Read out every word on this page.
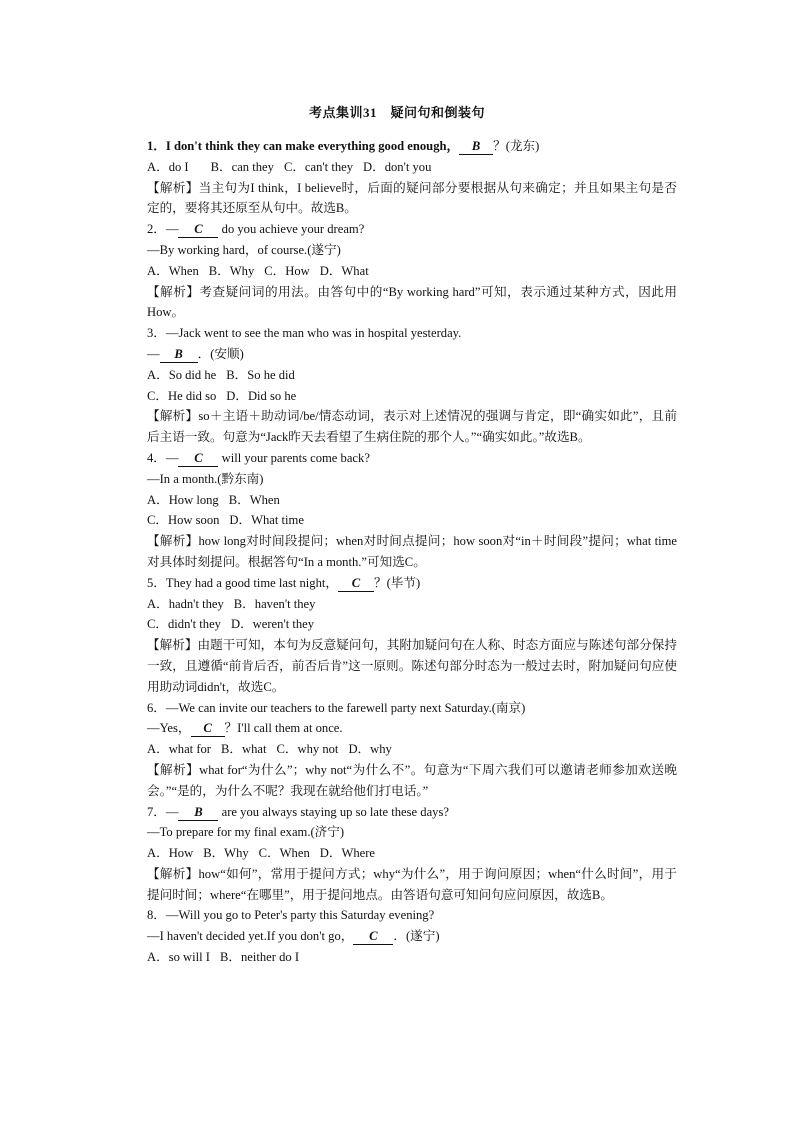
考点集训31　疑问句和倒装句
1．I don't think they can make everything good enough， B ？(龙东)
A．do I B．can they C．can't they D．don't you
【解析】当主句为I think，I believe时，后面的疑问部分要根据从句来确定；并且如果主句是否定的，要将其还原至从句中。故选B。
2．— C do you achieve your dream?
—By working hard，of course.(遂宁)
A．When B．Why C．How D．What
【解析】考查疑问词的用法。由答句中的“By working hard”可知，表示通过某种方式，因此用How。
3．—Jack went to see the man who was in hospital yesterday.
— B ．(安顺)
A．So did he B．So he did
C．He did so D．Did so he
【解析】so＋主语＋助动词/be/情态动词，表示对上述情况的强调与肯定，即“确实如此”，且前后主语一致。句意为“Jack昨天去看望了生病住院的那个人。”“确实如此。”故选B。
4．— C will your parents come back?
—In a month.(黔东南)
A．How long B．When
C．How soon D．What time
【解析】how long对时间段提问；when对时间点提问；how soon对“in＋时间段”提问；what time对具体时刻提问。根据答句“In a month.”可知选C。
5．They had a good time last night， C ？(毕节)
A．hadn't they B．haven't they
C．didn't they D．weren't they
【解析】由题干可知，本句为反意疑问句，其附加疑问句在人称、时态方面应与陈述句部分保持一致，且遵循“前肯后否，前否后肯”这一原则。陈述句部分时态为一般过去时，附加疑问句应使用助动词didn't，故选C。
6．—We can invite our teachers to the farewell party next Saturday.(南京)
—Yes， C ？I'll call them at once.
A．what for B．what C．why not D．why
【解析】what for“为什么”；why not“为什么不”。句意为“下周六我们可以邀请老师参加欢送晚会。”“是的，为什么不呢？我现在就给他们打电话。”
7．— B are you always staying up so late these days?
—To prepare for my final exam.(济宁)
A．How B．Why C．When D．Where
【解析】how“如何”，常用于提问方式；why“为什么”，用于询问原因；when“什么时间”，用于提问时间；where“在哪里”，用于提问地点。由答语句意可知问句应问原因，故选B。
8．—Will you go to Peter's party this Saturday evening?
—I haven't decided yet.If you don't go， C ．(遂宁)
A．so will I B．neither do I
